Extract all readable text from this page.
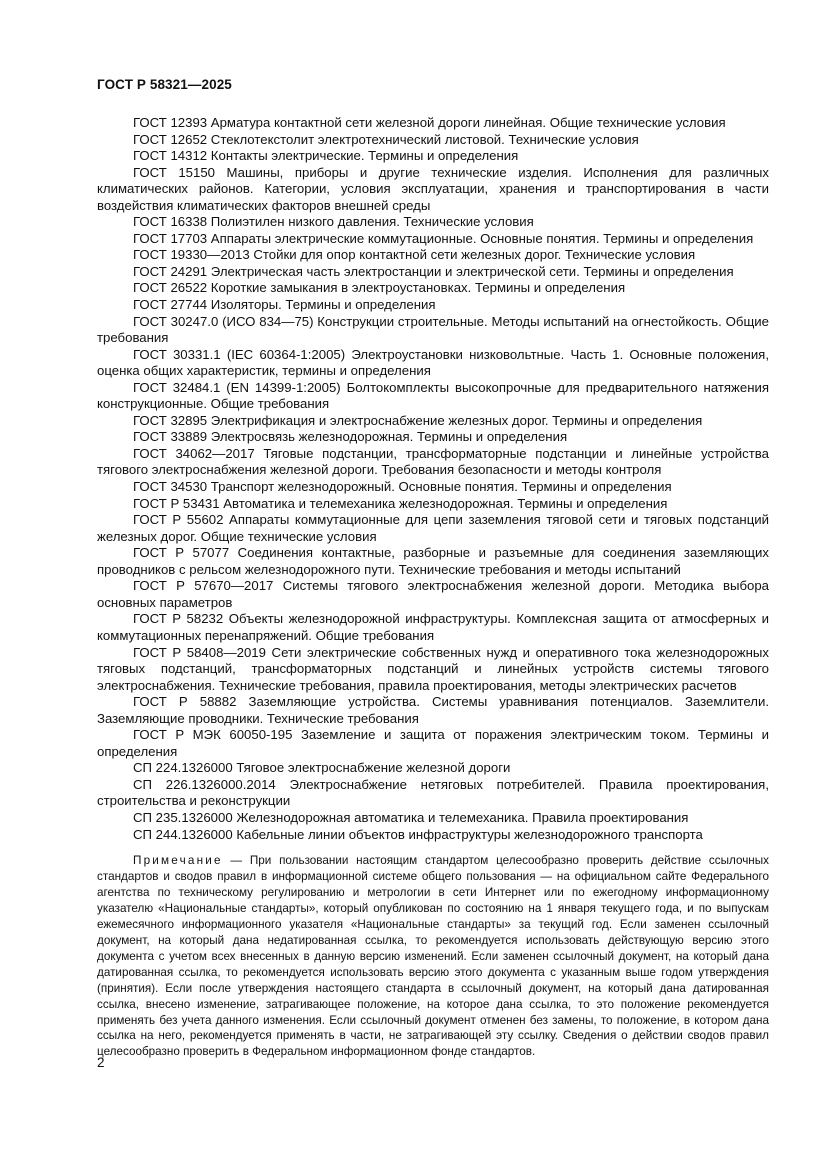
ГОСТ Р 58321—2025

ГОСТ 12393 Арматура контактной сети железной дороги линейная. Общие технические условия

ГОСТ 12652 Стеклотекстолит электротехнический листовой. Технические условия

ГОСТ 14312 Контакты электрические. Термины и определения

ГОСТ 15150 Машины, приборы и другие технические изделия. Исполнения для различных климатических районов. Категории, условия эксплуатации, хранения и транспортирования в части воздействия климатических факторов внешней среды

ГОСТ 16338 Полиэтилен низкого давления. Технические условия

ГОСТ 17703 Аппараты электрические коммутационные. Основные понятия. Термины и определения

ГОСТ 19330—2013 Стойки для опор контактной сети железных дорог. Технические условия

ГОСТ 24291 Электрическая часть электростанции и электрической сети. Термины и определения

ГОСТ 26522 Короткие замыкания в электроустановках. Термины и определения

ГОСТ 27744 Изоляторы. Термины и определения

ГОСТ 30247.0 (ИСО 834—75) Конструкции строительные. Методы испытаний на огнестойкость. Общие требования

ГОСТ 30331.1 (IEC 60364-1:2005) Электроустановки низковольтные. Часть 1. Основные положения, оценка общих характеристик, термины и определения

ГОСТ 32484.1 (EN 14399-1:2005) Болтокомплекты высокопрочные для предварительного натяжения конструкционные. Общие требования

ГОСТ 32895 Электрификация и электроснабжение железных дорог. Термины и определения

ГОСТ 33889 Электросвязь железнодорожная. Термины и определения

ГОСТ 34062—2017 Тяговые подстанции, трансформаторные подстанции и линейные устройства тягового электроснабжения железной дороги. Требования безопасности и методы контроля

ГОСТ 34530 Транспорт железнодорожный. Основные понятия. Термины и определения

ГОСТ Р 53431 Автоматика и телемеханика железнодорожная. Термины и определения

ГОСТ Р 55602 Аппараты коммутационные для цепи заземления тяговой сети и тяговых подстанций железных дорог. Общие технические условия

ГОСТ Р 57077 Соединения контактные, разборные и разъемные для соединения заземляющих проводников с рельсом железнодорожного пути. Технические требования и методы испытаний

ГОСТ Р 57670—2017 Системы тягового электроснабжения железной дороги. Методика выбора основных параметров

ГОСТ Р 58232 Объекты железнодорожной инфраструктуры. Комплексная защита от атмосферных и коммутационных перенапряжений. Общие требования

ГОСТ Р 58408—2019 Сети электрические собственных нужд и оперативного тока железнодорожных тяговых подстанций, трансформаторных подстанций и линейных устройств системы тягового электроснабжения. Технические требования, правила проектирования, методы электрических расчетов

ГОСТ Р 58882 Заземляющие устройства. Системы уравнивания потенциалов. Заземлители. Заземляющие проводники. Технические требования

ГОСТ Р МЭК 60050-195 Заземление и защита от поражения электрическим током. Термины и определения

СП 224.1326000 Тяговое электроснабжение железной дороги

СП 226.1326000.2014 Электроснабжение нетяговых потребителей. Правила проектирования, строительства и реконструкции

СП 235.1326000 Железнодорожная автоматика и телемеханика. Правила проектирования

СП 244.1326000 Кабельные линии объектов инфраструктуры железнодорожного транспорта

Примечание — При пользовании настоящим стандартом целесообразно проверить действие ссылочных стандартов и сводов правил в информационной системе общего пользования — на официальном сайте Федерального агентства по техническому регулированию и метрологии в сети Интернет или по ежегодному информационному указателю «Национальные стандарты», который опубликован по состоянию на 1 января текущего года, и по выпускам ежемесячного информационного указателя «Национальные стандарты» за текущий год. Если заменен ссылочный документ, на который дана недатированная ссылка, то рекомендуется использовать действующую версию этого документа с учетом всех внесенных в данную версию изменений. Если заменен ссылочный документ, на который дана датированная ссылка, то рекомендуется использовать версию этого документа с указанным выше годом утверждения (принятия). Если после утверждения настоящего стандарта в ссылочный документ, на который дана датированная ссылка, внесено изменение, затрагивающее положение, на которое дана ссылка, то это положение рекомендуется применять без учета данного изменения. Если ссылочный документ отменен без замены, то положение, в котором дана ссылка на него, рекомендуется применять в части, не затрагивающей эту ссылку. Сведения о действии сводов правил целесообразно проверить в Федеральном информационном фонде стандартов.

2
